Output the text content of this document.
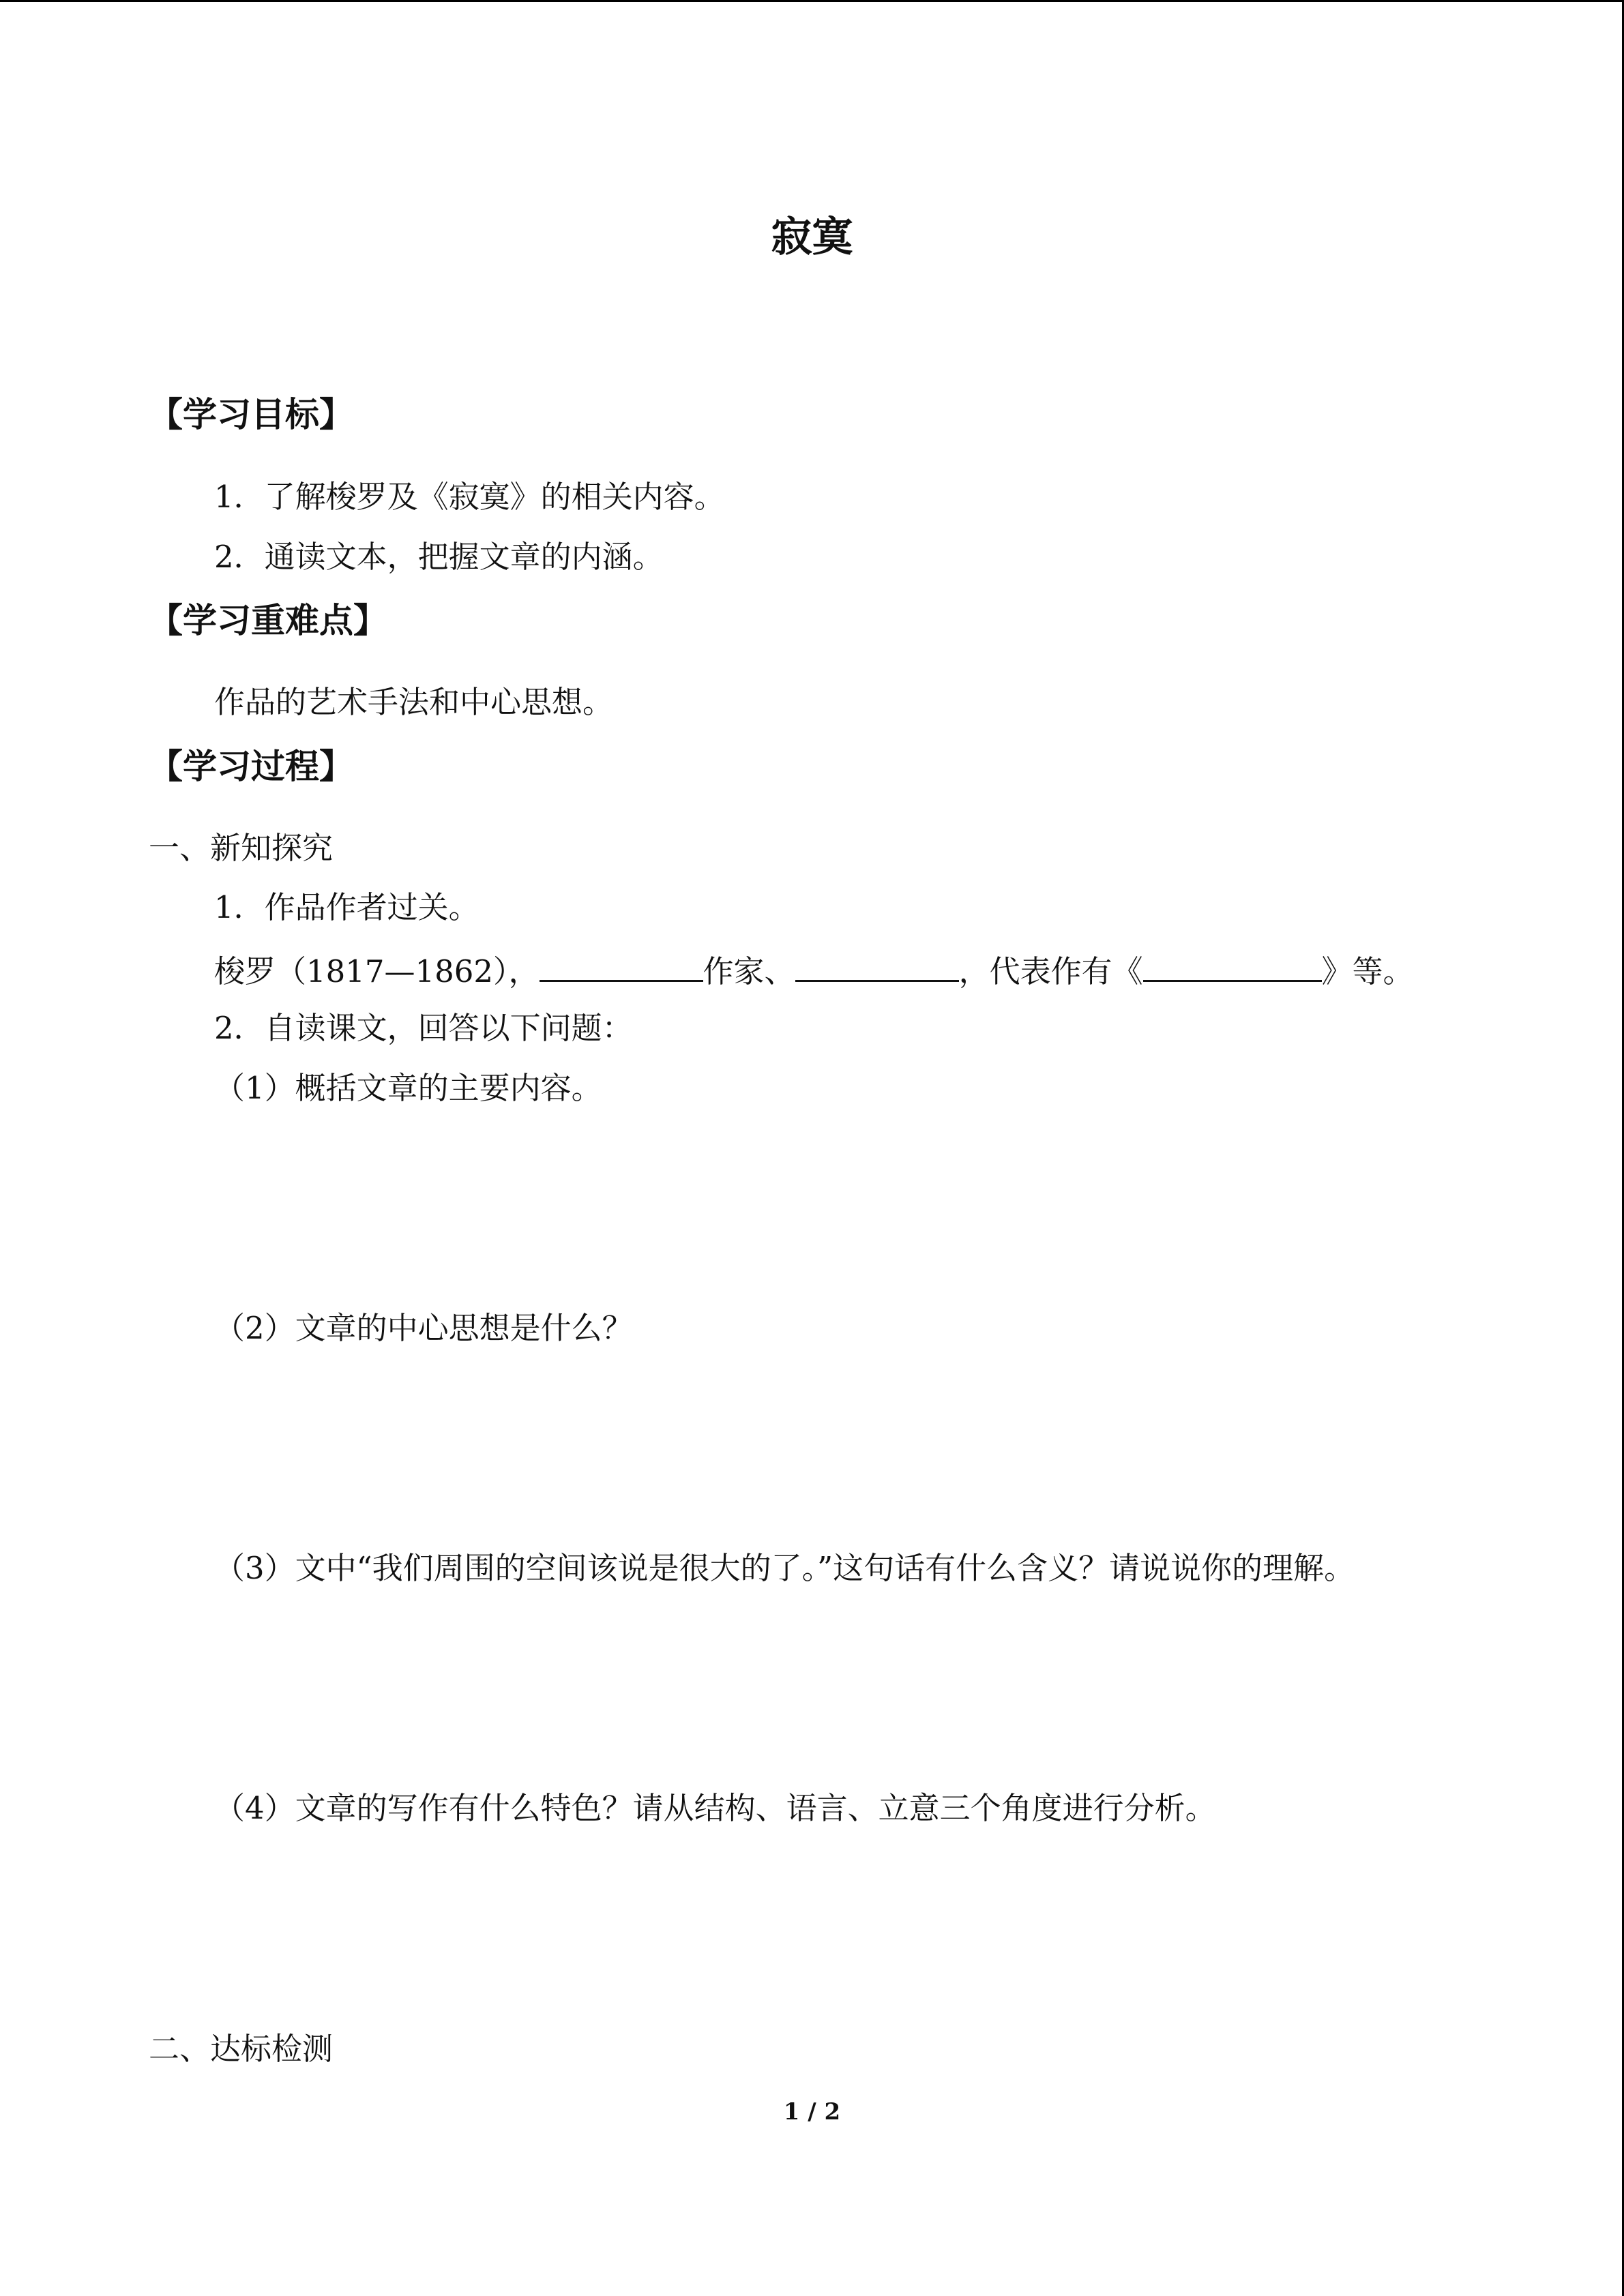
寂寞
【学习目标】
1．了解梭罗及《寂寞》的相关内容。
2．通读文本，把握文章的内涵。
【学习重难点】
作品的艺术手法和中心思想。
【学习过程】
一、新知探究
1．作品作者过关。
梭罗（1817—1862），	作家、	，代表作有《	》等。
2．自读课文，回答以下问题：
（1）概括文章的主要内容。
（2）文章的中心思想是什么？
（3）文中“我们周围的空间该说是很大的了。”这句话有什么含义？请说说你的理解。
（4）文章的写作有什么特色？请从结构、语言、立意三个角度进行分析。
二、达标检测
1 / 2
